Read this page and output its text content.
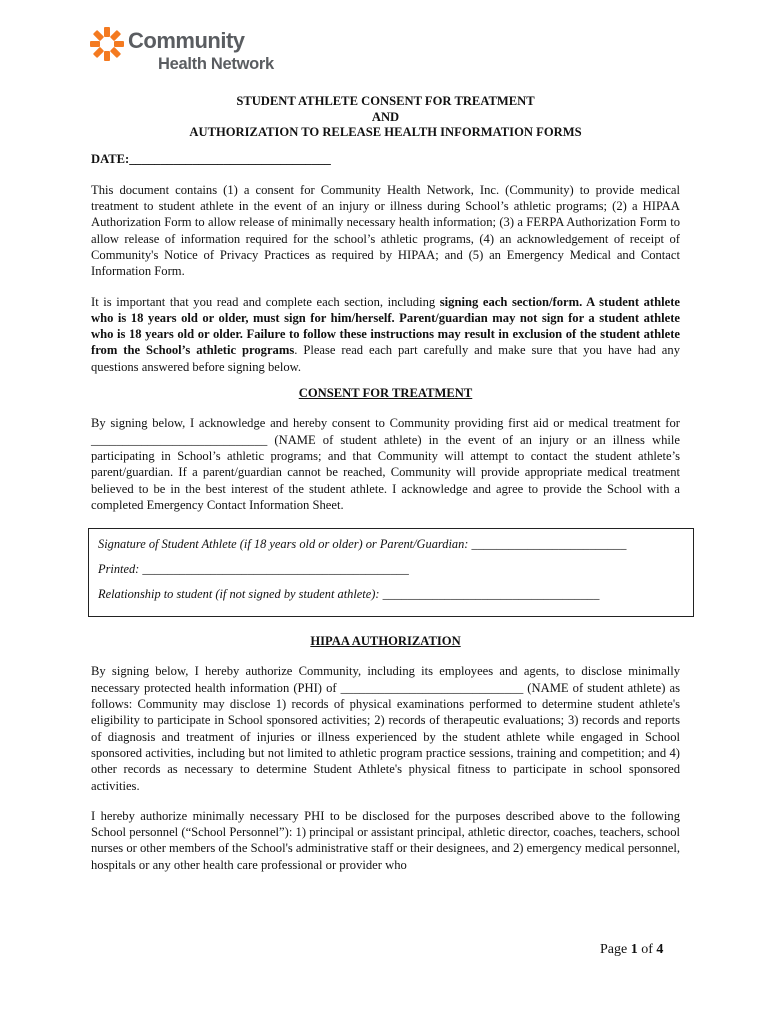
Community
Health Network
STUDENT ATHLETE CONSENT FOR TREATMENT
AND
AUTHORIZATION TO RELEASE HEALTH INFORMATION FORMS
DATE:________________________________

This document contains (1) a consent for Community Health Network, Inc. (Community) to provide medical treatment to student athlete in the event of an injury or illness during School’s athletic programs; (2) a HIPAA Authorization Form to allow release of minimally necessary health information; (3) a FERPA Authorization Form to allow release of information required for the school’s athletic programs, (4) an acknowledgement of receipt of Community's Notice of Privacy Practices as required by HIPAA; and (5) an Emergency Medical and Contact Information Form.

It is important that you read and complete each section, including signing each section/form. A student athlete who is 18 years old or older, must sign for him/herself. Parent/guardian may not sign for a student athlete who is 18 years old or older. Failure to follow these instructions may result in exclusion of the student athlete from the School’s athletic programs. Please read each part carefully and make sure that you have had any questions answered before signing below.

CONSENT FOR TREATMENT

By signing below, I acknowledge and hereby consent to Community providing first aid or medical treatment for ____________________________ (NAME of student athlete) in the event of an injury or an illness while participating in School’s athletic programs; and that Community will attempt to contact the student athlete’s parent/guardian. If a parent/guardian cannot be reached, Community will provide appropriate medical treatment believed to be in the best interest of the student athlete. I acknowledge and agree to provide the School with a completed Emergency Contact Information Sheet.

Signature of Student Athlete (if 18 years old or older) or Parent/Guardian: _________________________
Printed: ___________________________________________
Relationship to student (if not signed by student athlete): ___________________________________
HIPAA AUTHORIZATION

By signing below, I hereby authorize Community, including its employees and agents, to disclose minimally necessary protected health information (PHI) of _____________________________ (NAME of student athlete) as follows: Community may disclose 1) records of physical examinations performed to determine student athlete's eligibility to participate in School sponsored activities; 2) records of therapeutic evaluations; 3) records and reports of diagnosis and treatment of injuries or illness experienced by the student athlete while engaged in School sponsored activities, including but not limited to athletic program practice sessions, training and competition; and 4) other records as necessary to determine Student Athlete's physical fitness to participate in school sponsored activities.

I hereby authorize minimally necessary PHI to be disclosed for the purposes described above to the following School personnel (“School Personnel”): 1) principal or assistant principal, athletic director, coaches, teachers, school nurses or other members of the School's administrative staff or their designees, and 2) emergency medical personnel, hospitals or any other health care professional or provider who

Page 1 of 4
